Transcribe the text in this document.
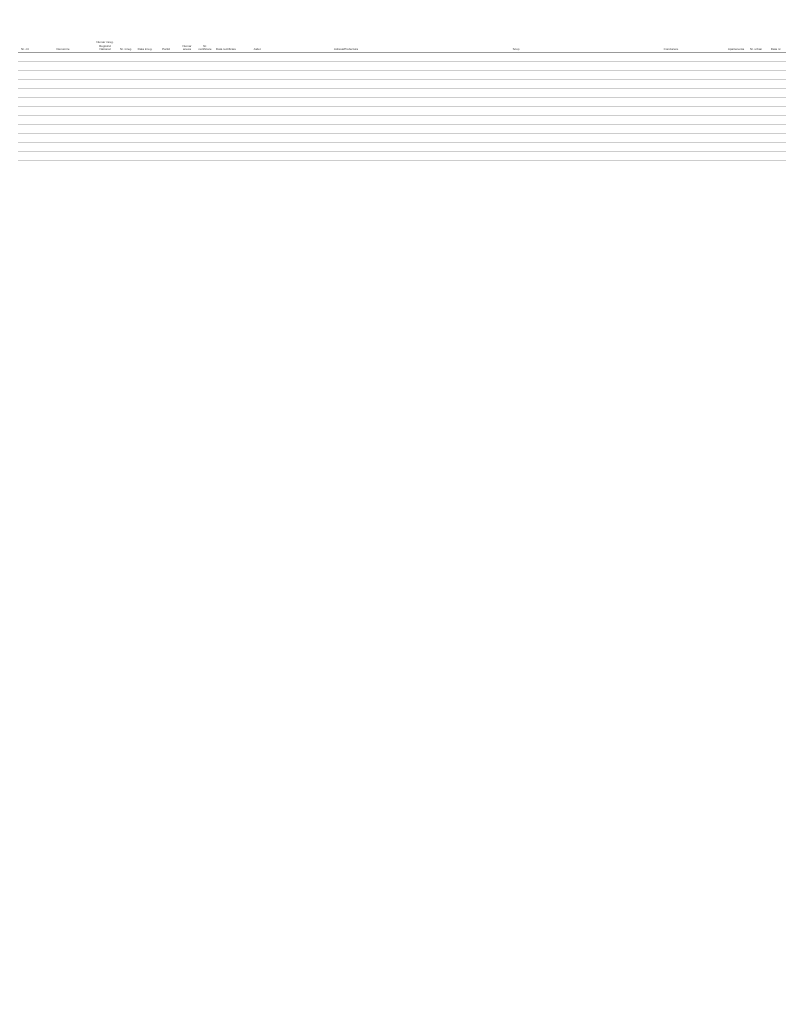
Nr. crt	Denumire	Numar inreg. Registrul National	Nr. inreg.	Data inreg.	Partid	Numar anexa	Nr. rectificare	Data rectificare	Judet	Adresa/Prefectura	Scop	Conducere	Apartenenta	Nr. urban	Data nr.
